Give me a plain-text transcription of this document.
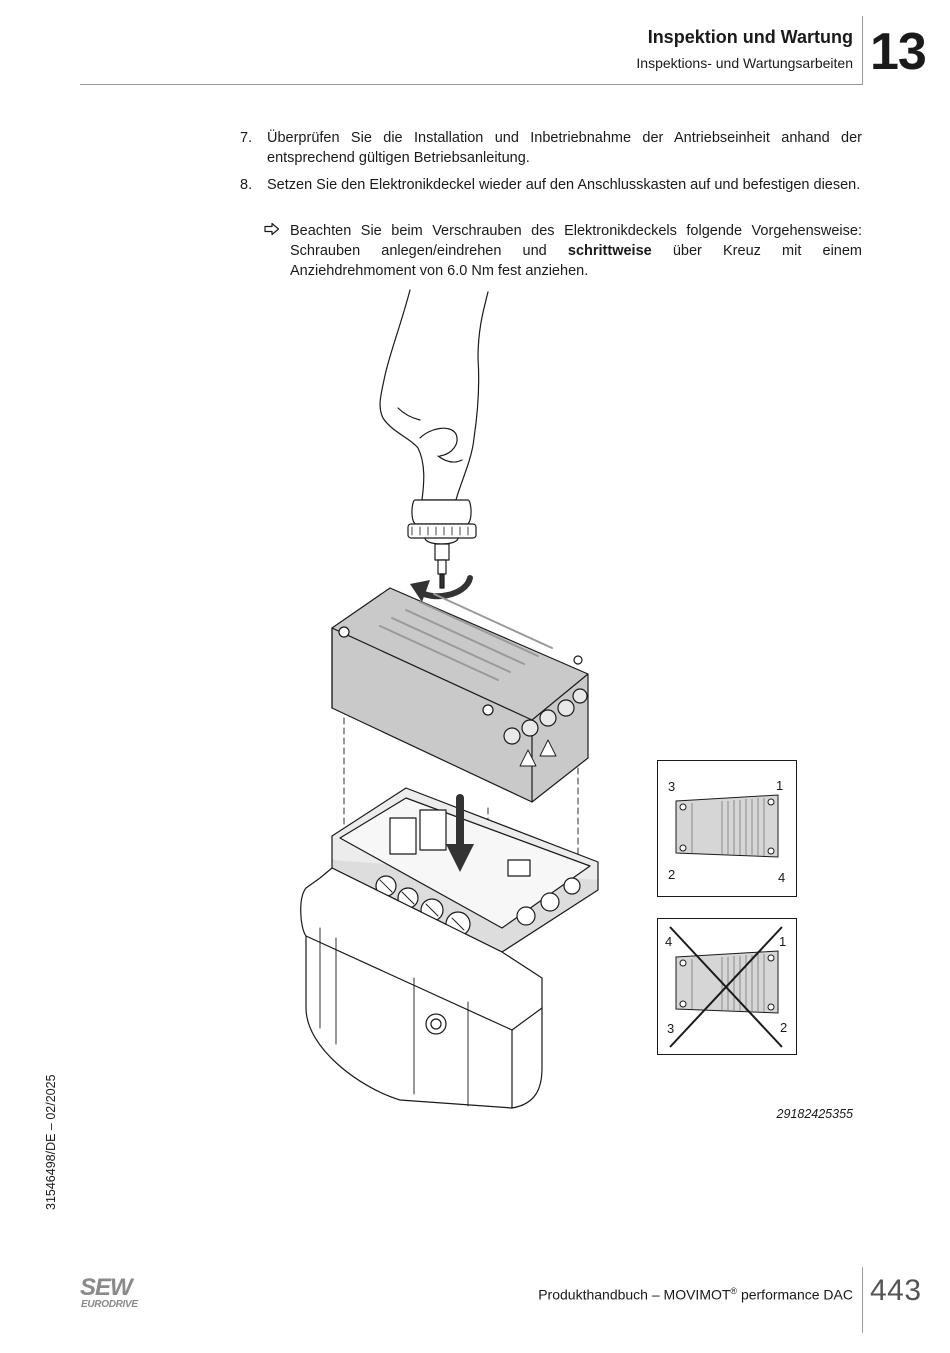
Inspektion und Wartung
Inspektions- und Wartungsarbeiten 13
7. Überprüfen Sie die Installation und Inbetriebnahme der Antriebseinheit anhand der entsprechend gültigen Betriebsanleitung.
8. Setzen Sie den Elektronikdeckel wieder auf den Anschlusskasten auf und befestigen diesen.
Beachten Sie beim Verschrauben des Elektronikdeckels folgende Vorgehensweise: Schrauben anlegen/eindrehen und schrittweise über Kreuz mit einem Anziehdrehmoment von 6.0 Nm fest anziehen.
3	1
2	4
4	1
3	2
29182425355
31546498/DE – 02/2025
SEW
EURODRIVE
Produkthandbuch – MOVIMOT® performance DAC 443
